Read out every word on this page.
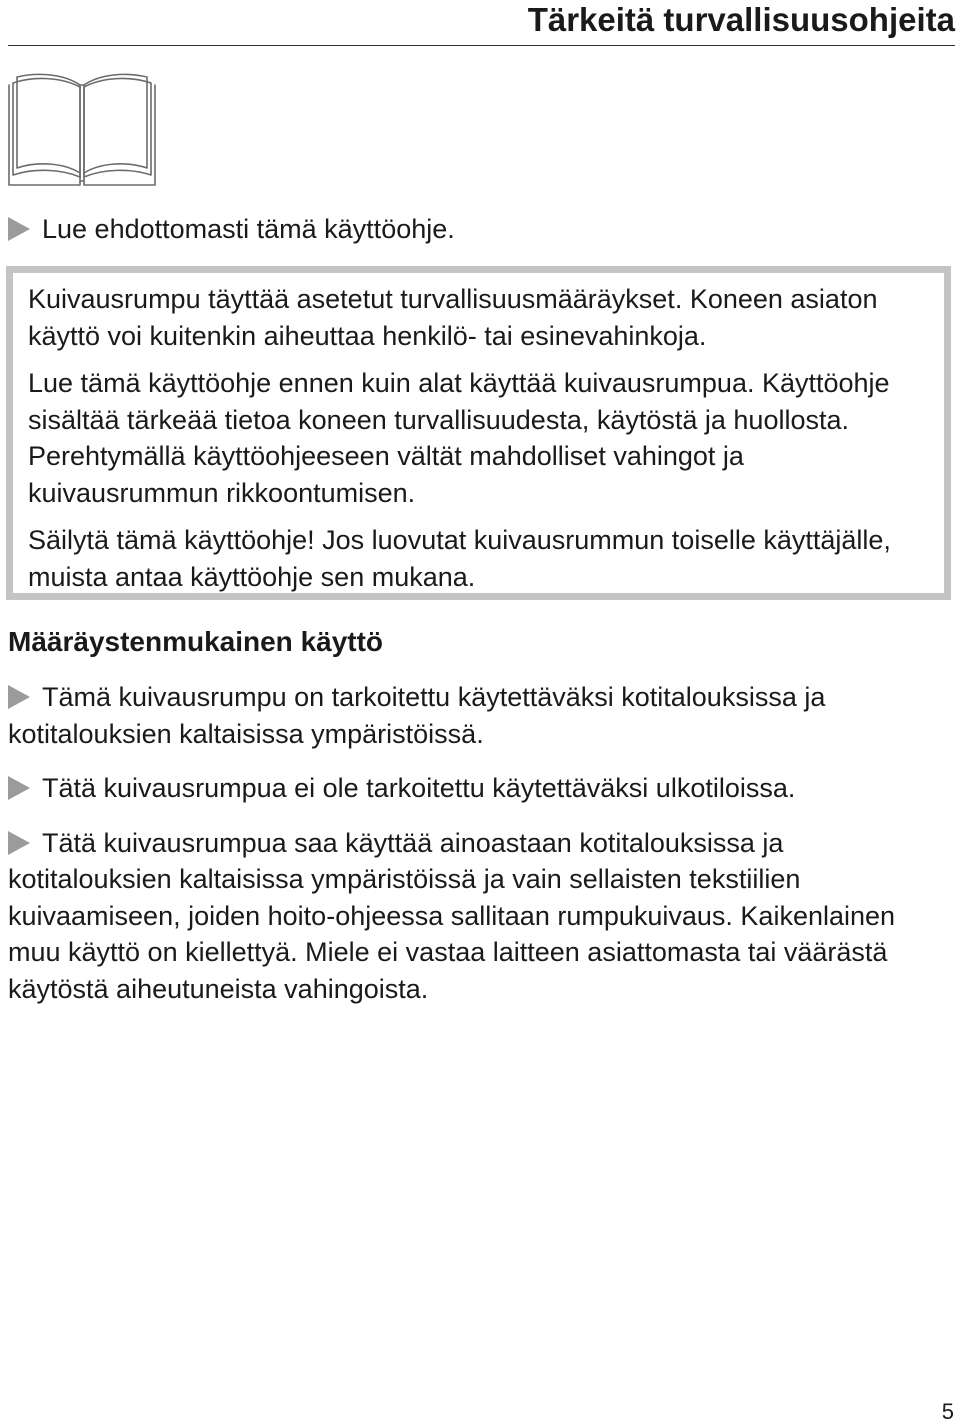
Tärkeitä turvallisuusohjeita
Lue ehdottomasti tämä käyttöohje.

Kuivausrumpu täyttää asetetut turvallisuusmääräykset. Koneen asiaton käyttö voi kuitenkin aiheuttaa henkilö- tai esinevahinkoja.

Lue tämä käyttöohje ennen kuin alat käyttää kuivausrumpua. Käyttöohje sisältää tärkeää tietoa koneen turvallisuudesta, käytöstä ja huollosta. Perehtymällä käyttöohjeeseen vältät mahdolliset vahingot ja kuivausrummun rikkoontumisen.

Säilytä tämä käyttöohje! Jos luovutat kuivausrummun toiselle käyttäjälle, muista antaa käyttöohje sen mukana.

Määräystenmukainen käyttö

Tämä kuivausrumpu on tarkoitettu käytettäväksi kotitalouksissa ja kotitalouksien kaltaisissa ympäristöissä.

Tätä kuivausrumpua ei ole tarkoitettu käytettäväksi ulkotiloissa.

Tätä kuivausrumpua saa käyttää ainoastaan kotitalouksissa ja kotitalouksien kaltaisissa ympäristöissä ja vain sellaisten tekstiilien kuivaamiseen, joiden hoito-ohjeessa sallitaan rumpukuivaus. Kaikenlainen muu käyttö on kiellettyä. Miele ei vastaa laitteen asiattomasta tai väärästä käytöstä aiheutuneista vahingoista.

5
